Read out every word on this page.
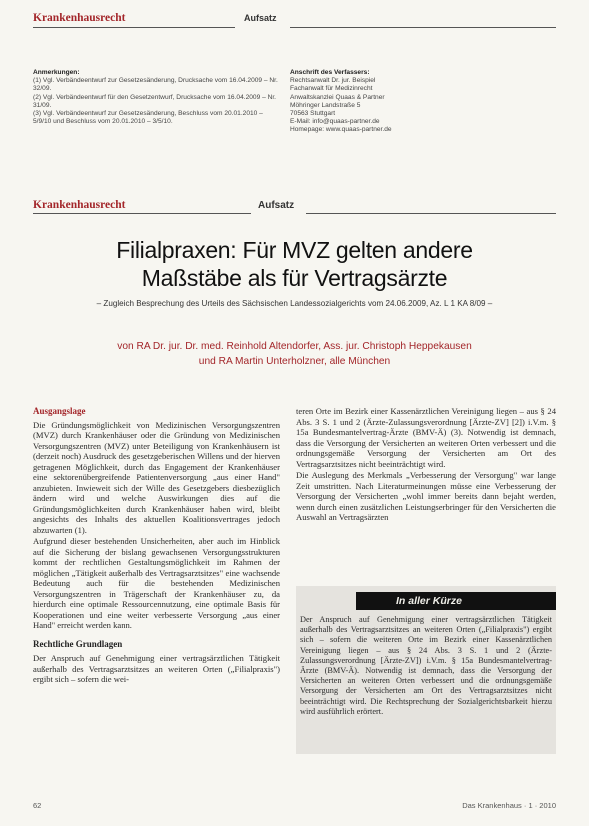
Krankenhausrecht	Aufsatz
Anmerkungen:
(1) Vgl. Verbändeentwurf zur Gesetzesänderung, Drucksache vom 16.04.2009 – Nr. 32/09.
(2) Vgl. Verbändeentwurf für den Gesetzentwurf, Drucksache vom 16.04.2009 – Nr. 31/09.
(3) Vgl. Verbändeentwurf zur Gesetzesänderung, Beschluss vom 20.01.2010 – 5/9/10 und Beschluss vom 20.01.2010 – 3/5/10.
Anschrift des Verfassers:
Rechtsanwalt Dr. jur. Beispiel
Fachanwalt für Medizinrecht
Anwaltskanzlei Quaas & Partner
Möhringer Landstraße 5
70563 Stuttgart
E-Mail: info@quaas-partner.de
Homepage: www.quaas-partner.de
Krankenhausrecht	Aufsatz
Filialpraxen: Für MVZ gelten andere
Maßstäbe als für Vertragsärzte
– Zugleich Besprechung des Urteils des Sächsischen Landessozialgerichts vom 24.06.2009, Az. L 1 KA 8/09 –
von RA Dr. jur. Dr. med. Reinhold Altendorfer, Ass. jur. Christoph Heppekausen
und RA Martin Unterholzner, alle München
Ausgangslage

Die Gründungsmöglichkeit von Medizinischen Versorgungszentren (MVZ) durch Krankenhäuser oder die Gründung von Medizinischen Versorgungszentren (MVZ) unter Beteiligung von Krankenhäusern ist (derzeit noch) Ausdruck des gesetzgeberischen Willens und der hierven getragenen Möglichkeit, durch das Engagement der Krankenhäuser eine sektorenübergreifende Patientenversorgung „aus einer Hand" anzubieten. Inwieweit sich der Wille des Gesetzgebers diesbezüglich ändern wird und welche Auswirkungen dies auf die Gründungsmöglichkeiten durch Krankenhäuser haben wird, bleibt angesichts des Inhalts des aktuellen Koalitionsvertrages jedoch abzuwarten (1).

Aufgrund dieser bestehenden Unsicherheiten, aber auch im Hinblick auf die Sicherung der bislang gewachsenen Versorgungsstrukturen kommt der rechtlichen Gestaltungsmöglichkeit im Rahmen der möglichen „Tätigkeit außerhalb des Vertragsarztsitzes" eine wachsende Bedeutung auch für die bestehenden Medizinischen Versorgungszentren in Trägerschaft der Krankenhäuser zu, da hierdurch eine optimale Ressourcennutzung, eine optimale Basis für Kooperationen und eine weiter verbesserte Versorgung „aus einer Hand" erreicht werden kann.

Rechtliche Grundlagen

Der Anspruch auf Genehmigung einer vertragsärztlichen Tätigkeit außerhalb des Vertragsarztsitzes an weiteren Orten („Filialpraxis") ergibt sich – sofern die wei-

teren Orte im Bezirk einer Kassenärztlichen Vereinigung liegen – aus § 24 Abs. 3 S. 1 und 2 (Ärzte-Zulassungsverordnung [Ärzte-ZV] [2]) i.V.m. § 15a Bundesmantelvertrag-Ärzte (BMV-Ä) (3). Notwendig ist demnach, dass die Versorgung der Versicherten an weiteren Orten verbessert und die ordnungsgemäße Versorgung der Versicherten am Ort des Vertragsarztsitzes nicht beeinträchtigt wird.

Die Auslegung des Merkmals „Verbesserung der Versorgung" war lange Zeit umstritten. Nach Literaturmeinungen müsse eine Verbesserung der Versorgung der Versicherten „wohl immer bereits dann bejaht werden, wenn durch einen zusätzlichen Leistungserbringer für den Versicherten die Auswahl an Vertragsärzten

In aller Kürze
Der Anspruch auf Genehmigung einer vertragsärztlichen Tätigkeit außerhalb des Vertragsarztsitzes an weiteren Orten („Filialpraxis") ergibt sich – sofern die weiteren Orte im Bezirk einer Kassenärztlichen Vereinigung liegen – aus § 24 Abs. 3 S. 1 und 2 (Ärzte-Zulassungsverordnung [Ärzte-ZV]) i.V.m. § 15a Bundesmantelvertrag-Ärzte (BMV-Ä). Notwendig ist demnach, dass die Versorgung der Versicherten an weiteren Orten verbessert und die ordnungsgemäße Versorgung der Versicherten am Ort des Vertragsarztsitzes nicht beeinträchtigt wird. Die Rechtsprechung der Sozialgerichtsbarkeit hierzu wird ausführlich erörtert.
62	Das Krankenhaus · 1 · 2010
